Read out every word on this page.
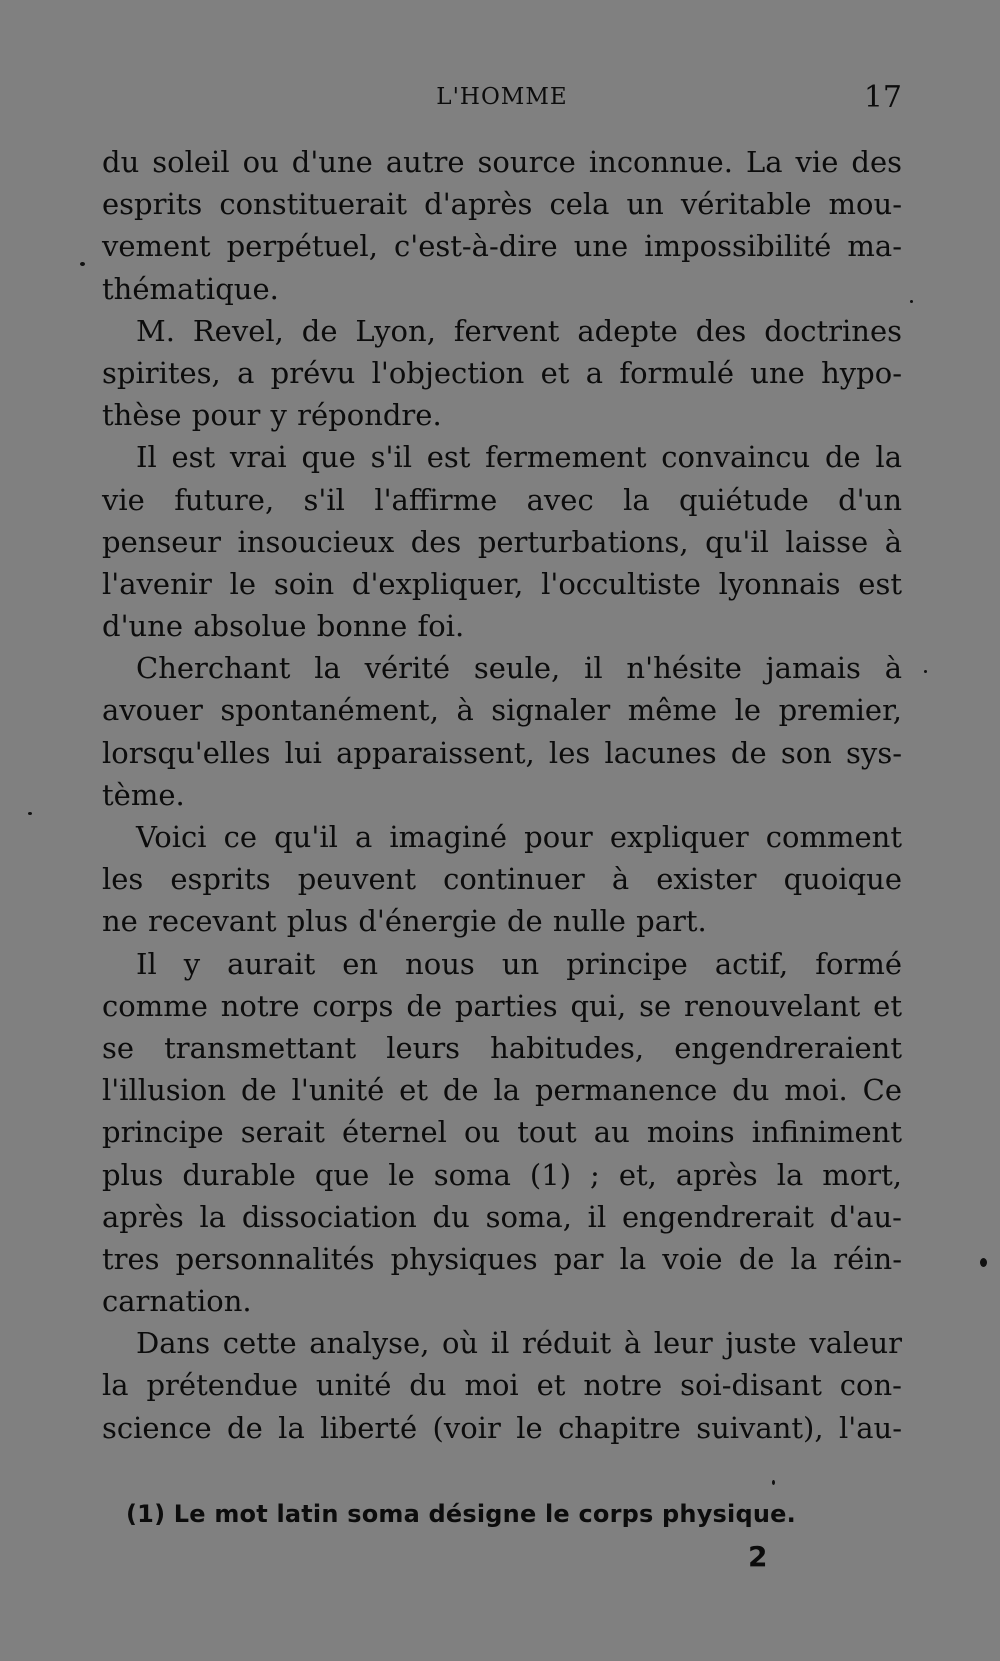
L'HOMME	17
du soleil ou d'une autre source inconnue. La vie des
esprits constituerait d'après cela un véritable mou-
vement perpétuel, c'est-à-dire une impossibilité ma-
thématique.
M. Revel, de Lyon, fervent adepte des doctrines
spirites, a prévu l'objection et a formulé une hypo-
thèse pour y répondre.
Il est vrai que s'il est fermement convaincu de la
vie future, s'il l'affirme avec la quiétude d'un
penseur insoucieux des perturbations, qu'il laisse à
l'avenir le soin d'expliquer, l'occultiste lyonnais est
d'une absolue bonne foi.
Cherchant la vérité seule, il n'hésite jamais à
avouer spontanément, à signaler même le premier,
lorsqu'elles lui apparaissent, les lacunes de son sys-
tème.
Voici ce qu'il a imaginé pour expliquer comment
les esprits peuvent continuer à exister quoique
ne recevant plus d'énergie de nulle part.
Il y aurait en nous un principe actif, formé
comme notre corps de parties qui, se renouvelant et
se transmettant leurs habitudes, engendreraient
l'illusion de l'unité et de la permanence du moi. Ce
principe serait éternel ou tout au moins infiniment
plus durable que le soma (1) ; et, après la mort,
après la dissociation du soma, il engendrerait d'au-
tres personnalités physiques par la voie de la réin-
carnation.
Dans cette analyse, où il réduit à leur juste valeur
la prétendue unité du moi et notre soi-disant con-
science de la liberté (voir le chapitre suivant), l'au-
(1) Le mot latin soma désigne le corps physique.
2
